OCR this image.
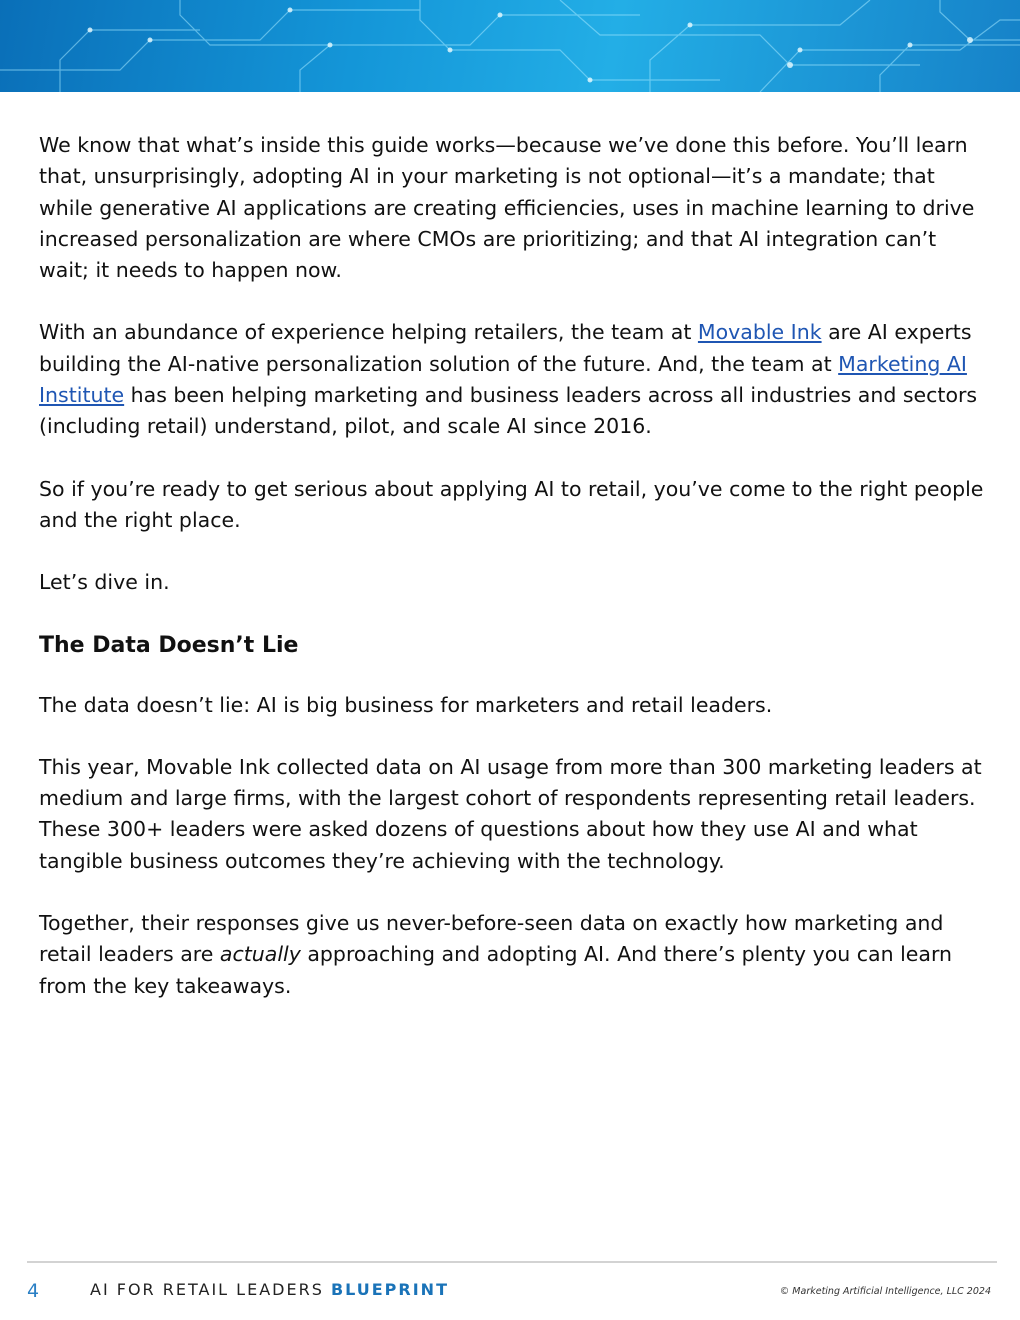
We know that what’s inside this guide works—because we’ve done this before. You’ll learn that, unsurprisingly, adopting AI in your marketing is not optional—it’s a mandate; that while generative AI applications are creating efficiencies, uses in machine learning to drive increased personalization are where CMOs are prioritizing; and that AI integration can’t wait; it needs to happen now.

With an abundance of experience helping retailers, the team at Movable Ink are AI experts building the AI-native personalization solution of the future. And, the team at Marketing AI Institute has been helping marketing and business leaders across all industries and sectors (including retail) understand, pilot, and scale AI since 2016.

So if you’re ready to get serious about applying AI to retail, you’ve come to the right people and the right place.

Let’s dive in.

The Data Doesn’t Lie

The data doesn’t lie: AI is big business for marketers and retail leaders.

This year, Movable Ink collected data on AI usage from more than 300 marketing leaders at medium and large firms, with the largest cohort of respondents representing retail leaders. These 300+ leaders were asked dozens of questions about how they use AI and what tangible business outcomes they’re achieving with the technology.

Together, their responses give us never-before-seen data on exactly how marketing and retail leaders are actually approaching and adopting AI. And there’s plenty you can learn from the key takeaways.

4	AI FOR RETAIL LEADERS BLUEPRINT	© Marketing Artificial Intelligence, LLC 2024
